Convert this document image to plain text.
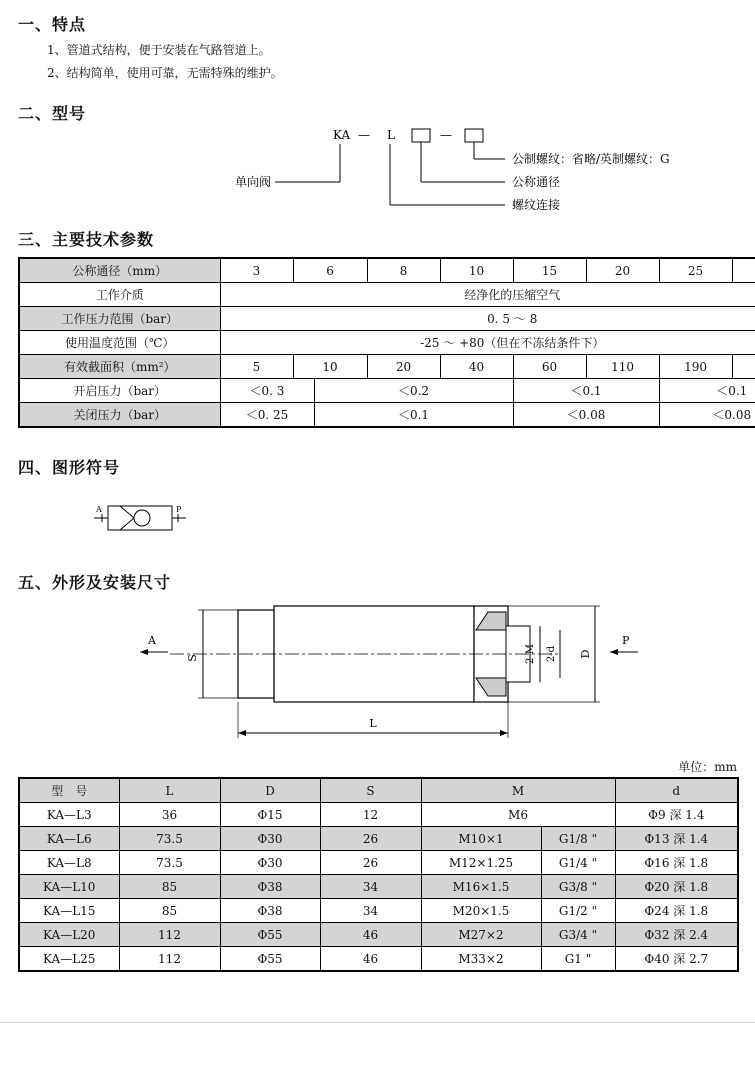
一、特点
1、管道式结构，便于安装在气路管道上。
2、结构简单，使用可靠，无需特殊的维护。
二、型号
KA — L	—
公制螺纹：省略/英制螺纹：G
公称通径
螺纹连接
单向阀
三、主要技术参数
公称通径（mm）	3	6		8	10	15	20	25
工作介质	经净化的压缩空气							
工作压力范围（bar）	0. 5 ～ 8							
使用温度范围（℃）	-25 ～ +80（但在不冻结条件下）							
有效截面积（mm²）	5	10		20	40	60	110	190
开启压力（bar）	＜0. 3		＜0.2			＜0.1		＜0.1
关闭压力（bar）	＜0. 25		＜0.1			＜0.08		＜0.08
四、图形符号
A	P
五、外形及安装尺寸
S
L
D
2-M 2-d
A	P
单位：mm
型　号	L	D	S	M		d
KA—L3	36	Φ15	12	M6		Φ9 深 1.4
KA—L6	73.5	Φ30	26	M10×1	G1/8 "	Φ13 深 1.4
KA—L8	73.5	Φ30	26	M12×1.25	G1/4 "	Φ16 深 1.8
KA—L10	85	Φ38	34	M16×1.5	G3/8 "	Φ20 深 1.8
KA—L15	85	Φ38	34	M20×1.5	G1/2 "	Φ24 深 1.8
KA—L20	112	Φ55	46	M27×2	G3/4 "	Φ32 深 2.4
KA—L25	112	Φ55	46	M33×2	G1 "	Φ40 深 2.7
